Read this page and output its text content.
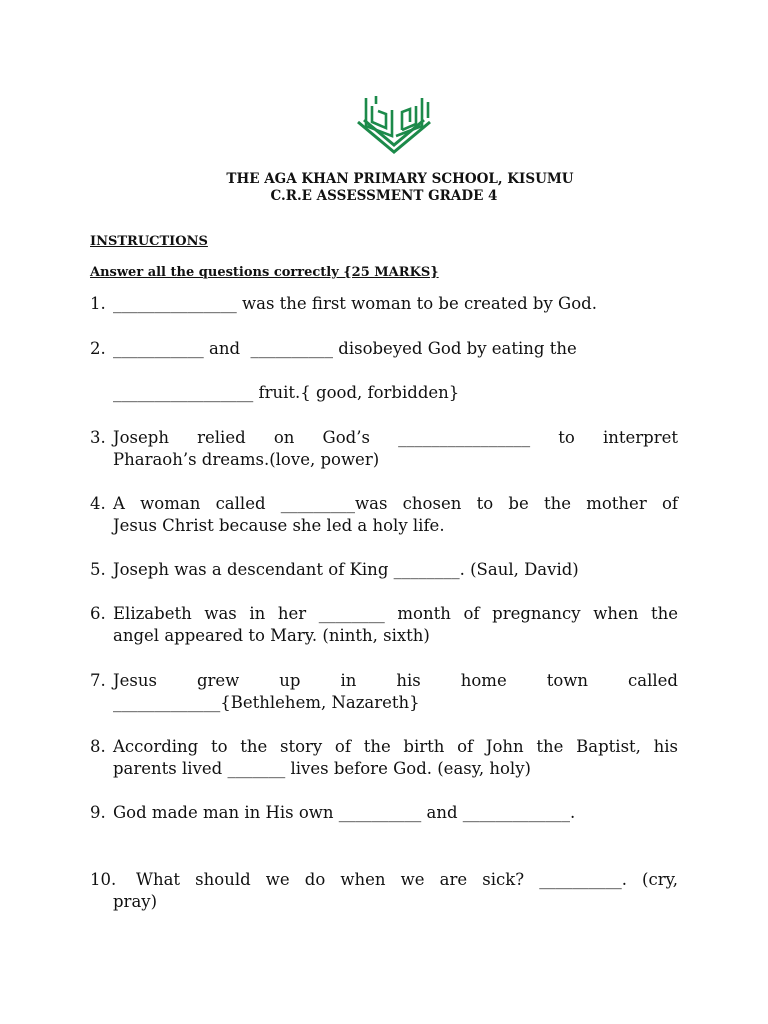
THE AGA KHAN PRIMARY SCHOOL, KISUMU
C.R.E ASSESSMENT GRADE 4
INSTRUCTIONS
Answer all the questions correctly {25 MARKS}
1. _______________ was the first woman to be created by God.
2. ___________ and  __________ disobeyed God by eating the
_________________ fruit.{ good, forbidden}
3. Joseph relied on God’s ________________ to interpret
Pharaoh’s dreams.(love, power)
4. A woman called _________was chosen to be the mother of
Jesus Christ because she led a holy life.
5. Joseph was a descendant of King ________. (Saul, David)
6. Elizabeth was in her ________ month of pregnancy when the
angel appeared to Mary. (ninth, sixth)
7. Jesus grew up in his home town called
_____________{Bethlehem, Nazareth}
8. According to the story of the birth of John the Baptist, his
parents lived _______ lives before God. (easy, holy)
9. God made man in His own __________ and _____________.
10.	What should we do when we are sick? __________. (cry,
pray)
